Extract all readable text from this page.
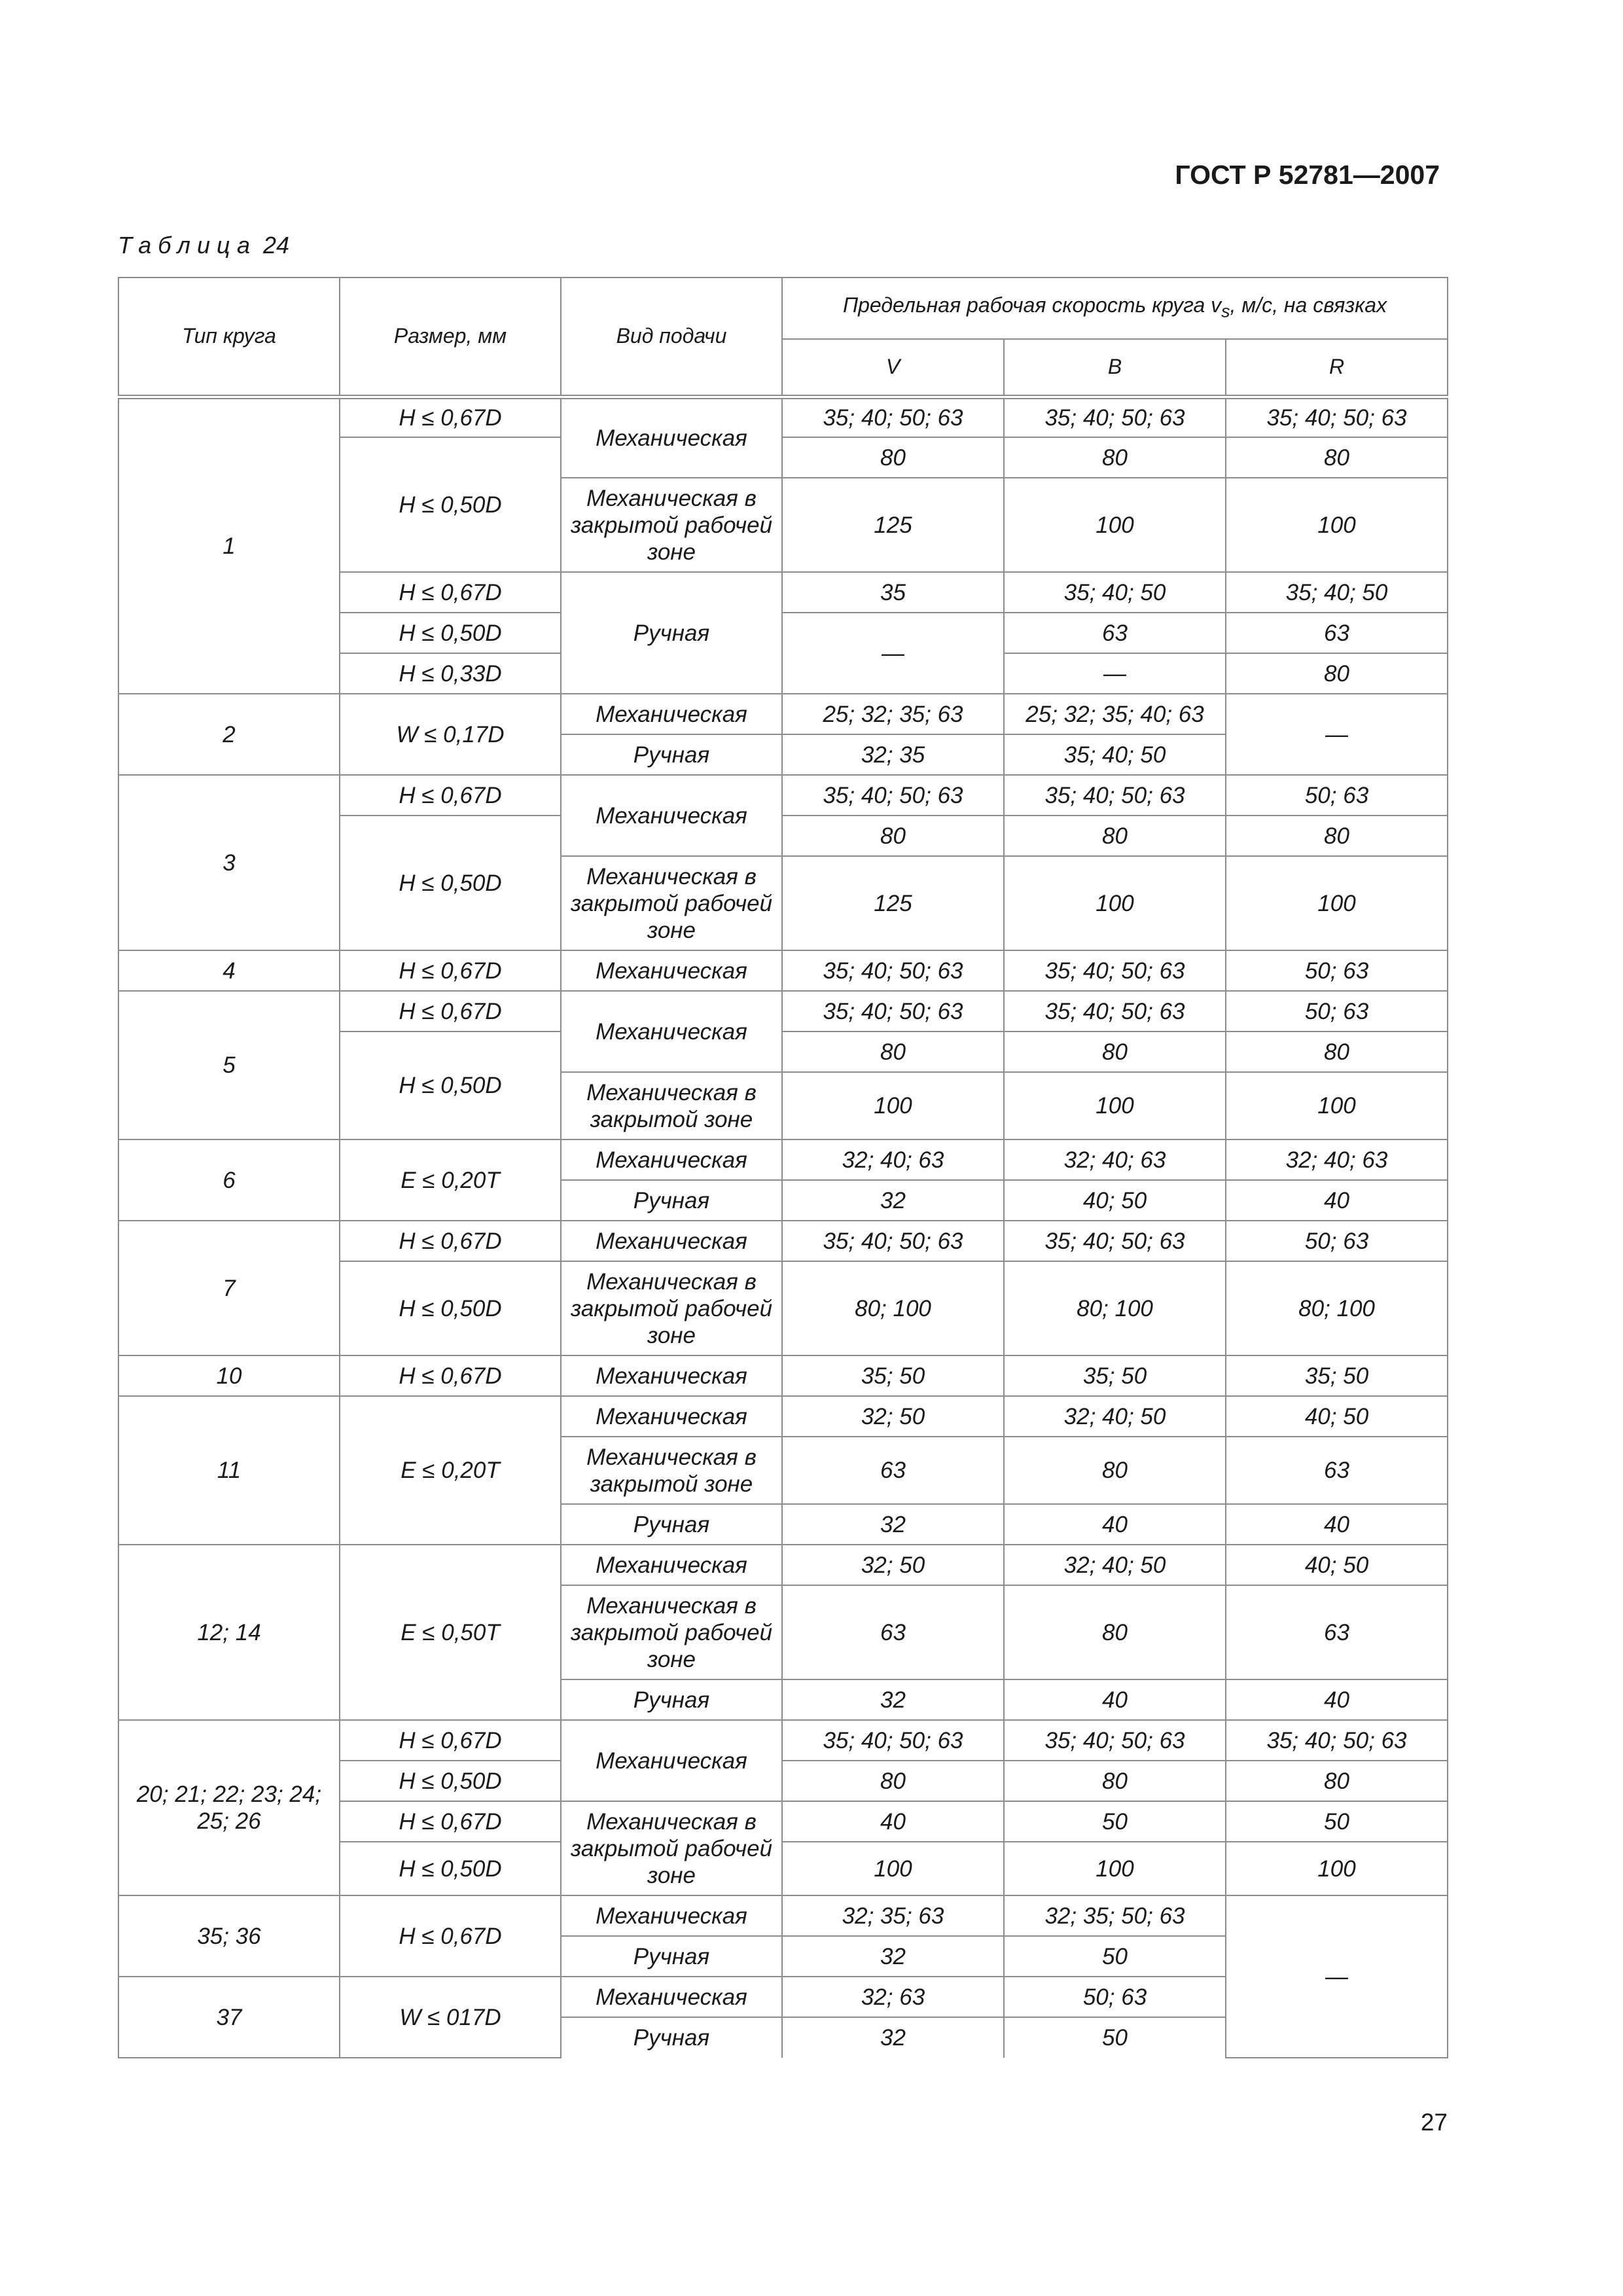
ГОСТ Р 52781—2007
Таблица 24
Тип круга	Размер, мм	Вид подачи	Предельная рабочая скорость круга $v_s$, м/с, на связках		
			V	B	R
1	H ≤ 0,67D	Механическая	35; 40; 50; 63	35; 40; 50; 63	35; 40; 50; 63
	H ≤ 0,50D		80	80	80
		Механическая в закрытой рабочей зоне	125	100	100
	H ≤ 0,67D	Ручная	35	35; 40; 50	35; 40; 50
	H ≤ 0,50D		—	63	63
	H ≤ 0,33D			—	80
2	W ≤ 0,17D	Механическая	25; 32; 35; 63	25; 32; 35; 40; 63	—
		Ручная	32; 35	35; 40; 50	
3	H ≤ 0,67D	Механическая	35; 40; 50; 63	35; 40; 50; 63	50; 63
	H ≤ 0,50D		80	80	80
		Механическая в закрытой рабочей зоне	125	100	100
4	H ≤ 0,67D	Механическая	35; 40; 50; 63	35; 40; 50; 63	50; 63
5	H ≤ 0,67D	Механическая	35; 40; 50; 63	35; 40; 50; 63	50; 63
	H ≤ 0,50D		80	80	80
		Механическая в закрытой зоне	100	100	100
6	E ≤ 0,20T	Механическая	32; 40; 63	32; 40; 63	32; 40; 63
		Ручная	32	40; 50	40
7	H ≤ 0,67D	Механическая	35; 40; 50; 63	35; 40; 50; 63	50; 63
	H ≤ 0,50D	Механическая в закрытой рабочей зоне	80; 100	80; 100	80; 100
10	H ≤ 0,67D	Механическая	35; 50	35; 50	35; 50
11	E ≤ 0,20T	Механическая	32; 50	32; 40; 50	40; 50
		Механическая в закрытой зоне	63	80	63
		Ручная	32	40	40
12; 14	E ≤ 0,50T	Механическая	32; 50	32; 40; 50	40; 50
		Механическая в закрытой рабочей зоне	63	80	63
		Ручная	32	40	40
20; 21; 22; 23; 24; 25; 26	H ≤ 0,67D	Механическая	35; 40; 50; 63	35; 40; 50; 63	35; 40; 50; 63
	H ≤ 0,50D		80	80	80
	H ≤ 0,67D	Механическая в закрытой рабочей зоне	40	50	50
	H ≤ 0,50D		100	100	100
35; 36	H ≤ 0,67D	Механическая	32; 35; 63	32; 35; 50; 63	—
		Ручная	32	50	
37	W ≤ 017D	Механическая	32; 63	50; 63	
		Ручная	32	50	
27
